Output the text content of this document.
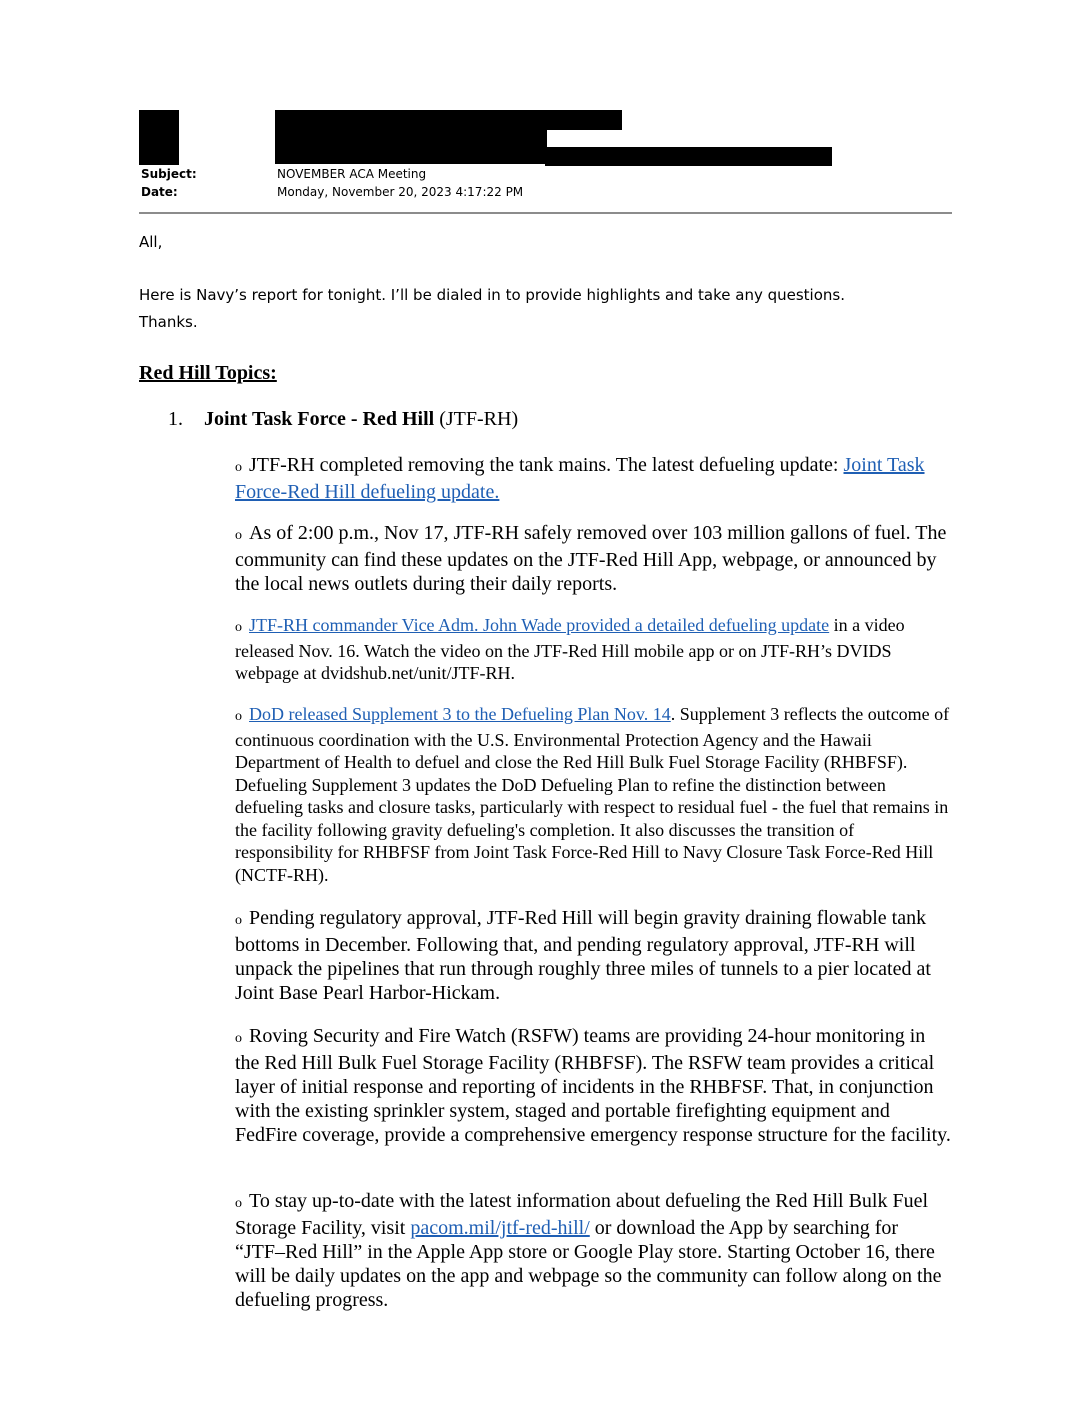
Subject:	NOVEMBER ACA Meeting
Date:	Monday, November 20, 2023 4:17:22 PM
All,
Here is Navy’s report for tonight. I’ll be dialed in to provide highlights and take any questions.
Thanks.
Red Hill Topics:
1. Joint Task Force - Red Hill (JTF-RH)
o JTF-RH completed removing the tank mains. The latest defueling update: Joint Task Force-Red Hill defueling update.
o As of 2:00 p.m., Nov 17, JTF-RH safely removed over 103 million gallons of fuel. The community can find these updates on the JTF-Red Hill App, webpage, or announced by the local news outlets during their daily reports.
o JTF-RH commander Vice Adm. John Wade provided a detailed defueling update in a video released Nov. 16. Watch the video on the JTF-Red Hill mobile app or on JTF-RH’s DVIDS webpage at dvidshub.net/unit/JTF-RH.
o DoD released Supplement 3 to the Defueling Plan Nov. 14. Supplement 3 reflects the outcome of continuous coordination with the U.S. Environmental Protection Agency and the Hawaii Department of Health to defuel and close the Red Hill Bulk Fuel Storage Facility (RHBFSF). Defueling Supplement 3 updates the DoD Defueling Plan to refine the distinction between defueling tasks and closure tasks, particularly with respect to residual fuel - the fuel that remains in the facility following gravity defueling's completion. It also discusses the transition of responsibility for RHBFSF from Joint Task Force-Red Hill to Navy Closure Task Force-Red Hill (NCTF-RH).
o Pending regulatory approval, JTF-Red Hill will begin gravity draining flowable tank bottoms in December. Following that, and pending regulatory approval, JTF-RH will unpack the pipelines that run through roughly three miles of tunnels to a pier located at Joint Base Pearl Harbor-Hickam.
o Roving Security and Fire Watch (RSFW) teams are providing 24-hour monitoring in the Red Hill Bulk Fuel Storage Facility (RHBFSF). The RSFW team provides a critical layer of initial response and reporting of incidents in the RHBFSF. That, in conjunction with the existing sprinkler system, staged and portable firefighting equipment and FedFire coverage, provide a comprehensive emergency response structure for the facility.
o To stay up-to-date with the latest information about defueling the Red Hill Bulk Fuel Storage Facility, visit pacom.mil/jtf-red-hill/ or download the App by searching for “JTF–Red Hill” in the Apple App store or Google Play store. Starting October 16, there will be daily updates on the app and webpage so the community can follow along on the defueling progress.
